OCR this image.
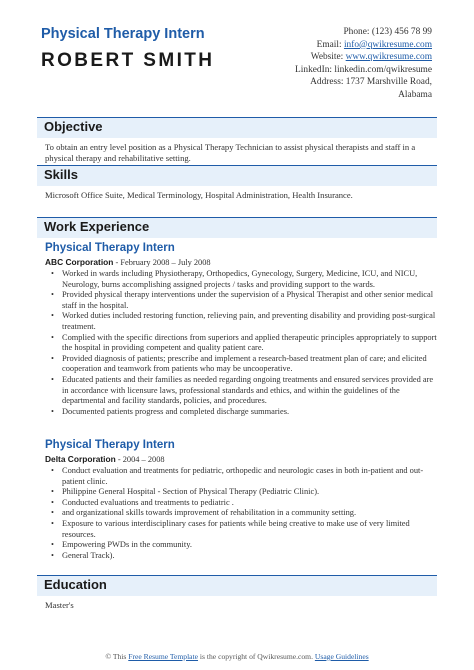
Physical Therapy Intern
ROBERT SMITH
Phone: (123) 456 78 99
Email: info@qwikresume.com
Website: www.qwikresume.com
LinkedIn: linkedin.com/qwikresume
Address: 1737 Marshville Road,
Alabama
Objective
To obtain an entry level position as a Physical Therapy Technician to assist physical therapists and staff in a physical therapy and rehabilitative setting.
Skills
Microsoft Office Suite, Medical Terminology, Hospital Administration, Health Insurance.
Work Experience
Physical Therapy Intern
ABC Corporation - February 2008 – July 2008
• Worked in wards including Physiotherapy, Orthopedics, Gynecology, Surgery, Medicine, ICU, and NICU, Neurology, burns accomplishing assigned projects / tasks and providing support to the wards.
• Provided physical therapy interventions under the supervision of a Physical Therapist and other senior medical staff in the hospital.
• Worked duties included restoring function, relieving pain, and preventing disability and providing post-surgical treatment.
• Complied with the specific directions from superiors and applied therapeutic principles appropriately to support the hospital in providing competent and quality patient care.
• Provided diagnosis of patients; prescribe and implement a research-based treatment plan of care; and elicited cooperation and teamwork from patients who may be uncooperative.
• Educated patients and their families as needed regarding ongoing treatments and ensured services provided are in accordance with licensure laws, professional standards and ethics, and within the guidelines of the departmental and facility standards, policies, and procedures.
• Documented patients progress and completed discharge summaries.
Physical Therapy Intern
Delta Corporation - 2004 – 2008
• Conduct evaluation and treatments for pediatric, orthopedic and neurologic cases in both in-patient and out-patient clinic.
• Philippine General Hospital - Section of Physical Therapy (Pediatric Clinic).
• Conducted evaluations and treatments to pediatric .
• and organizational skills towards improvement of rehabilitation in a community setting.
• Exposure to various interdisciplinary cases for patients while being creative to make use of very limited resources.
• Empowering PWDs in the community.
• General Track).
Education
Master's
© This Free Resume Template is the copyright of Qwikresume.com. Usage Guidelines
